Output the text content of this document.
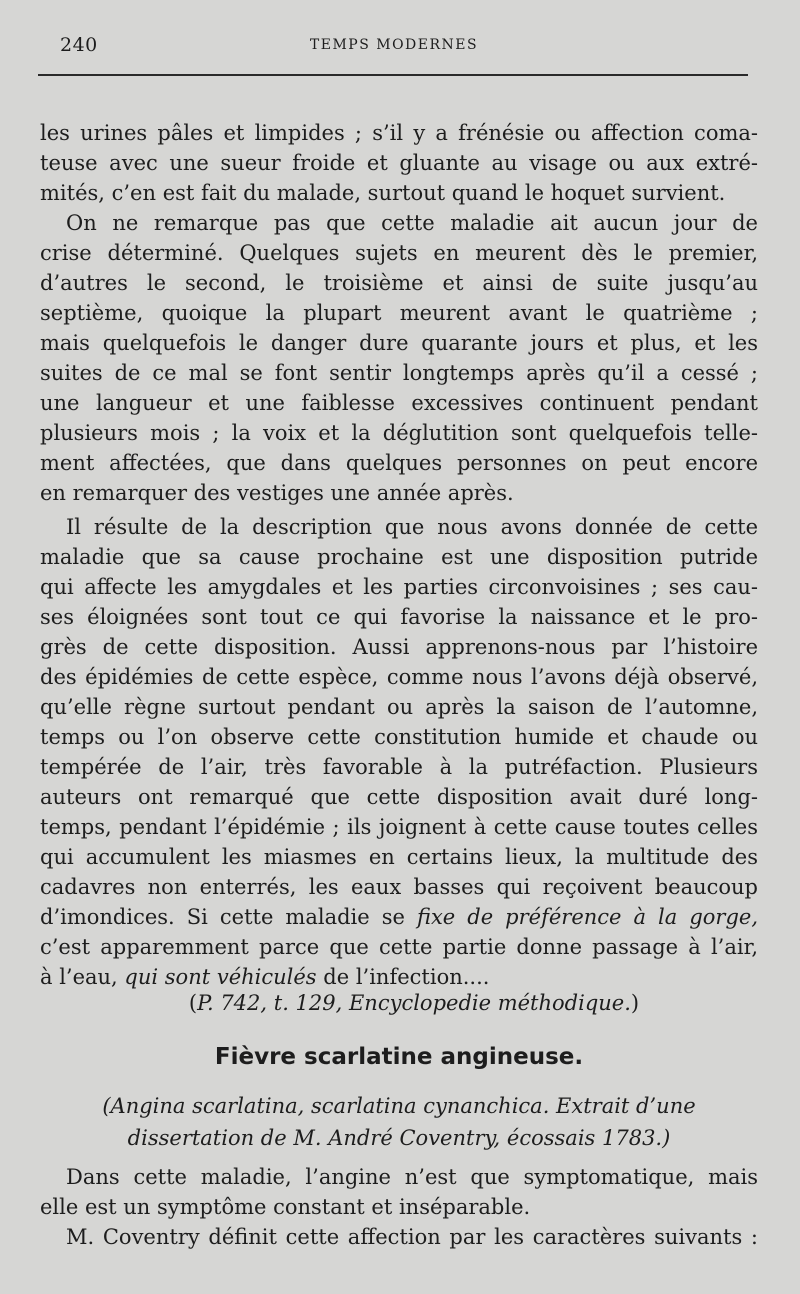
240	TEMPS MODERNES
les urines pâles et limpides ; s’il y a frénésie ou affection coma-
teuse avec une sueur froide et gluante au visage ou aux extré-
mités, c’en est fait du malade, surtout quand le hoquet survient.
On ne remarque pas que cette maladie ait aucun jour de
crise déterminé. Quelques sujets en meurent dès le premier,
d’autres le second, le troisième et ainsi de suite jusqu’au
septième, quoique la plupart meurent avant le quatrième ;
mais quelquefois le danger dure quarante jours et plus, et les
suites de ce mal se font sentir longtemps après qu’il a cessé ;
une langueur et une faiblesse excessives continuent pendant
plusieurs mois ; la voix et la déglutition sont quelquefois telle-
ment affectées, que dans quelques personnes on peut encore
en remarquer des vestiges une année après.
Il résulte de la description que nous avons donnée de cette
maladie que sa cause prochaine est une disposition putride
qui affecte les amygdales et les parties circonvoisines ; ses cau-
ses éloignées sont tout ce qui favorise la naissance et le pro-
grès de cette disposition. Aussi apprenons-nous par l’histoire
des épidémies de cette espèce, comme nous l’avons déjà observé,
qu’elle règne surtout pendant ou après la saison de l’automne,
temps ou l’on observe cette constitution humide et chaude ou
tempérée de l’air, très favorable à la putréfaction. Plusieurs
auteurs ont remarqué que cette disposition avait duré long-
temps, pendant l’épidémie ; ils joignent à cette cause toutes celles
qui accumulent les miasmes en certains lieux, la multitude des
cadavres non enterrés, les eaux basses qui reçoivent beaucoup
d’imondices. Si cette maladie se fixe de préférence à la gorge,
c’est apparemment parce que cette partie donne passage à l’air,
à l’eau, qui sont véhiculés de l’infection....
(P. 742, t. 129, Encyclopedie méthodique.)
Fièvre scarlatine angineuse.
(Angina scarlatina, scarlatina cynanchica. Extrait d’une
dissertation de M. André Coventry, écossais 1783.)
Dans cette maladie, l’angine n’est que symptomatique, mais
elle est un symptôme constant et inséparable.
M. Coventry définit cette affection par les caractères suivants :
